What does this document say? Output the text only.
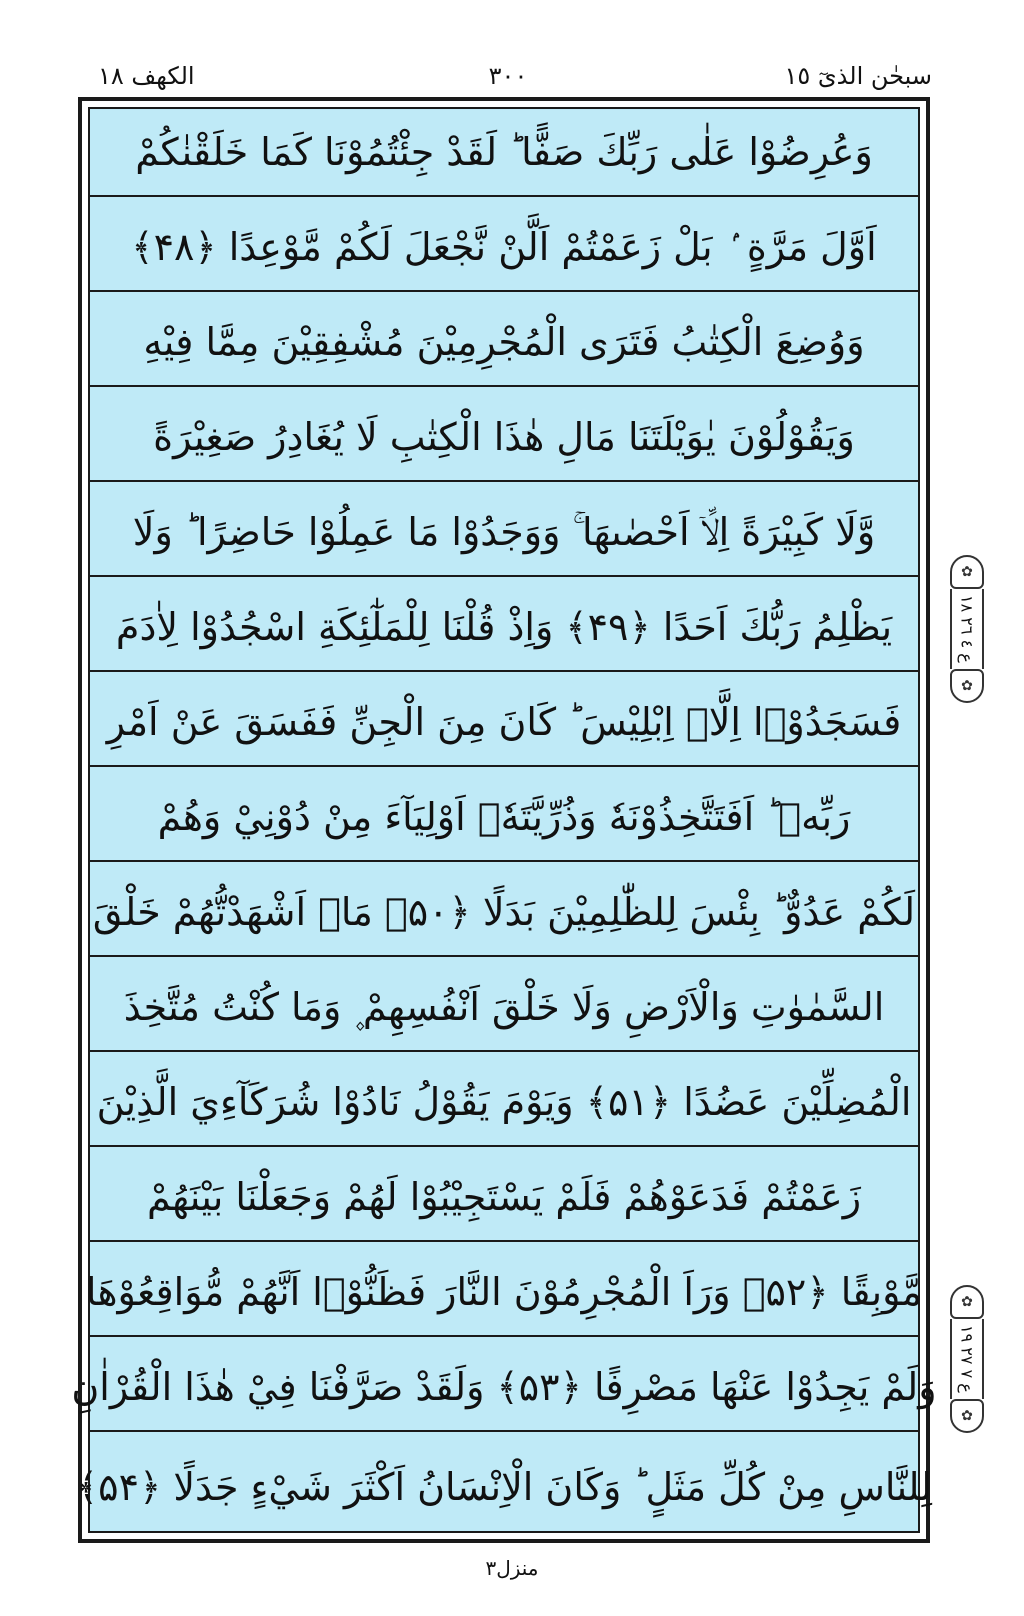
سبحٰن الذیٓ ١٥
٣٠٠
الكهف ١٨
وَعُرِضُوْا عَلٰى رَبِّكَ صَفًّا ؕ لَقَدْ جِئْتُمُوْنَا كَمَا خَلَقْنٰكُمْ
اَوَّلَ مَرَّةٍ ۢ بَلْ زَعَمْتُمْ اَلَّنْ نَّجْعَلَ لَكُمْ مَّوْعِدًا ﴿۴۸﴾
وَوُضِعَ الْكِتٰبُ فَتَرَى الْمُجْرِمِيْنَ مُشْفِقِيْنَ مِمَّا فِيْهِ
وَيَقُوْلُوْنَ يٰوَيْلَتَنَا مَالِ هٰذَا الْكِتٰبِ لَا يُغَادِرُ صَغِيْرَةً
وَّلَا كَبِيْرَةً اِلَّاۤ اَحْصٰىهَا ۚ وَوَجَدُوْا مَا عَمِلُوْا حَاضِرًا ؕ وَلَا
يَظْلِمُ رَبُّكَ اَحَدًا ﴿۴۹﴾ وَاِذْ قُلْنَا لِلْمَلٰٓئِكَةِ اسْجُدُوْا لِاٰدَمَ
فَسَجَدُوْۤا اِلَّاۤ اِبْلِيْسَ ؕ كَانَ مِنَ الْجِنِّ فَفَسَقَ عَنْ اَمْرِ
رَبِّهٖ ؕ اَفَتَتَّخِذُوْنَهٗ وَذُرِّيَّتَهٗۤ اَوْلِيَآءَ مِنْ دُوْنِيْ وَهُمْ
لَكُمْ عَدُوٌّ ؕ بِئْسَ لِلظّٰلِمِيْنَ بَدَلًا ﴿۵۰﴾ مَاۤ اَشْهَدْتُّهُمْ خَلْقَ
السَّمٰوٰتِ وَالْاَرْضِ وَلَا خَلْقَ اَنْفُسِهِمْ ۪ وَمَا كُنْتُ مُتَّخِذَ
الْمُضِلِّيْنَ عَضُدًا ﴿۵۱﴾ وَيَوْمَ يَقُوْلُ نَادُوْا شُرَكَآءِيَ الَّذِيْنَ
زَعَمْتُمْ فَدَعَوْهُمْ فَلَمْ يَسْتَجِيْبُوْا لَهُمْ وَجَعَلْنَا بَيْنَهُمْ
مَّوْبِقًا ﴿۵۲﴾ وَرَاَ الْمُجْرِمُوْنَ النَّارَ فَظَنُّوْۤا اَنَّهُمْ مُّوَاقِعُوْهَا
وَلَمْ يَجِدُوْا عَنْهَا مَصْرِفًا ﴿۵۳﴾ وَلَقَدْ صَرَّفْنَا فِيْ هٰذَا الْقُرْاٰنِ
لِلنَّاسِ مِنْ كُلِّ مَثَلٍ ؕ وَكَانَ الْاِنْسَانُ اَكْثَرَ شَيْءٍ جَدَلًا ﴿۵۴﴾
✿
ع ٤ ٢٦ ١٨
✿
✿
ع ٧ ٢٧ ١٩
✿
منزل٣
